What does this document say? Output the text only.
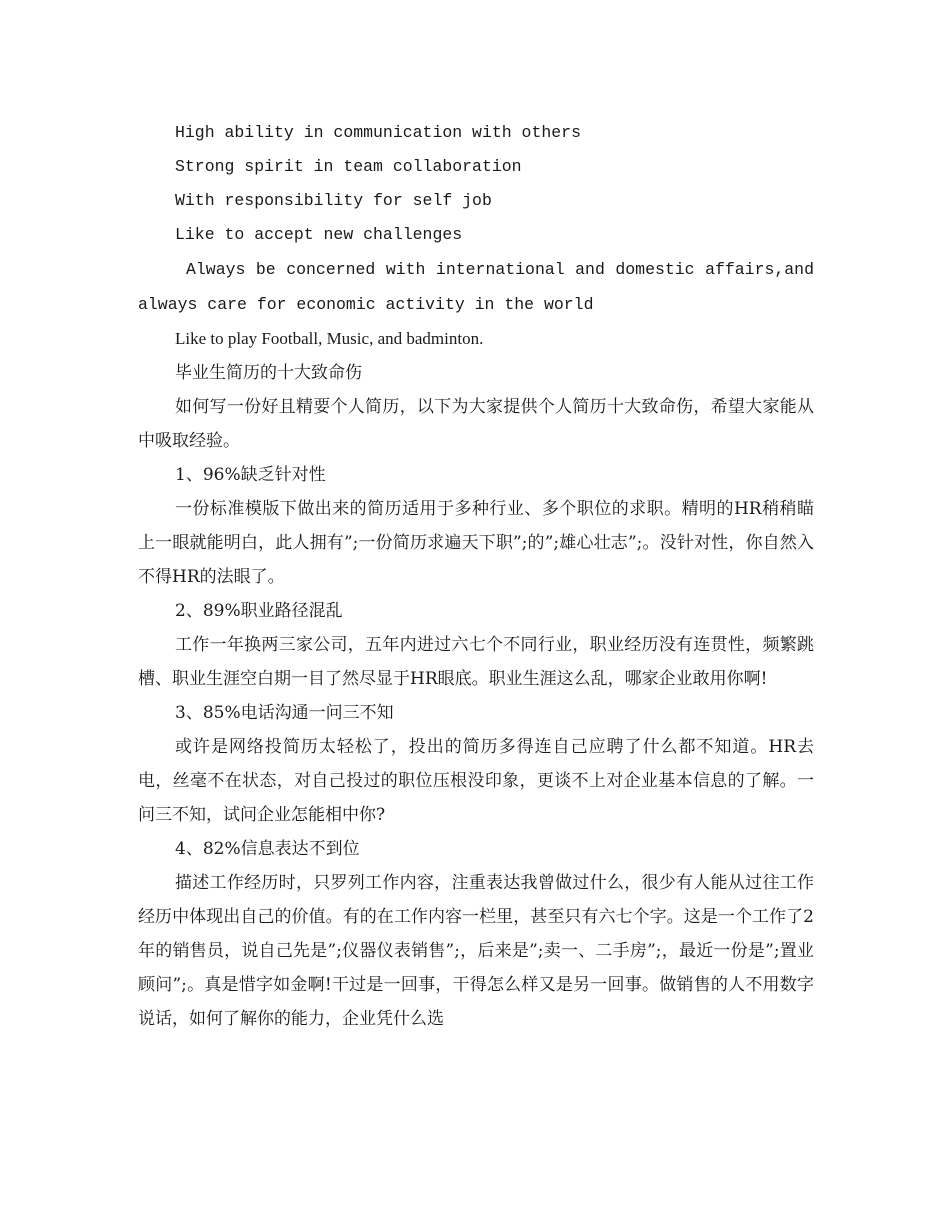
High ability in communication with others

Strong spirit in team collaboration

With responsibility for self job

Like to accept new challenges

Always be concerned with international and domestic affairs,and always care for economic activity in the world

Like to play Football, Music, and badminton.

毕业生简历的十大致命伤

如何写一份好且精要个人简历，以下为大家提供个人简历十大致命伤，希望大家能从中吸取经验。

1、96%缺乏针对性

一份标准模版下做出来的简历适用于多种行业、多个职位的求职。精明的HR稍稍瞄上一眼就能明白，此人拥有”;一份简历求遍天下职”;的”;雄心壮志”;。没针对性，你自然入不得HR的法眼了。

2、89%职业路径混乱

工作一年换两三家公司，五年内进过六七个不同行业，职业经历没有连贯性，频繁跳槽、职业生涯空白期一目了然尽显于HR眼底。职业生涯这么乱，哪家企业敢用你啊!

3、85%电话沟通一问三不知

或许是网络投简历太轻松了，投出的简历多得连自己应聘了什么都不知道。HR去电，丝毫不在状态，对自己投过的职位压根没印象，更谈不上对企业基本信息的了解。一问三不知，试问企业怎能相中你?

4、82%信息表达不到位

描述工作经历时，只罗列工作内容，注重表达我曾做过什么，很少有人能从过往工作经历中体现出自己的价值。有的在工作内容一栏里，甚至只有六七个字。这是一个工作了2年的销售员，说自己先是”;仪器仪表销售”;，后来是”;卖一、二手房”;，最近一份是”;置业顾问”;。真是惜字如金啊!干过是一回事，干得怎么样又是另一回事。做销售的人不用数字说话，如何了解你的能力，企业凭什么选
